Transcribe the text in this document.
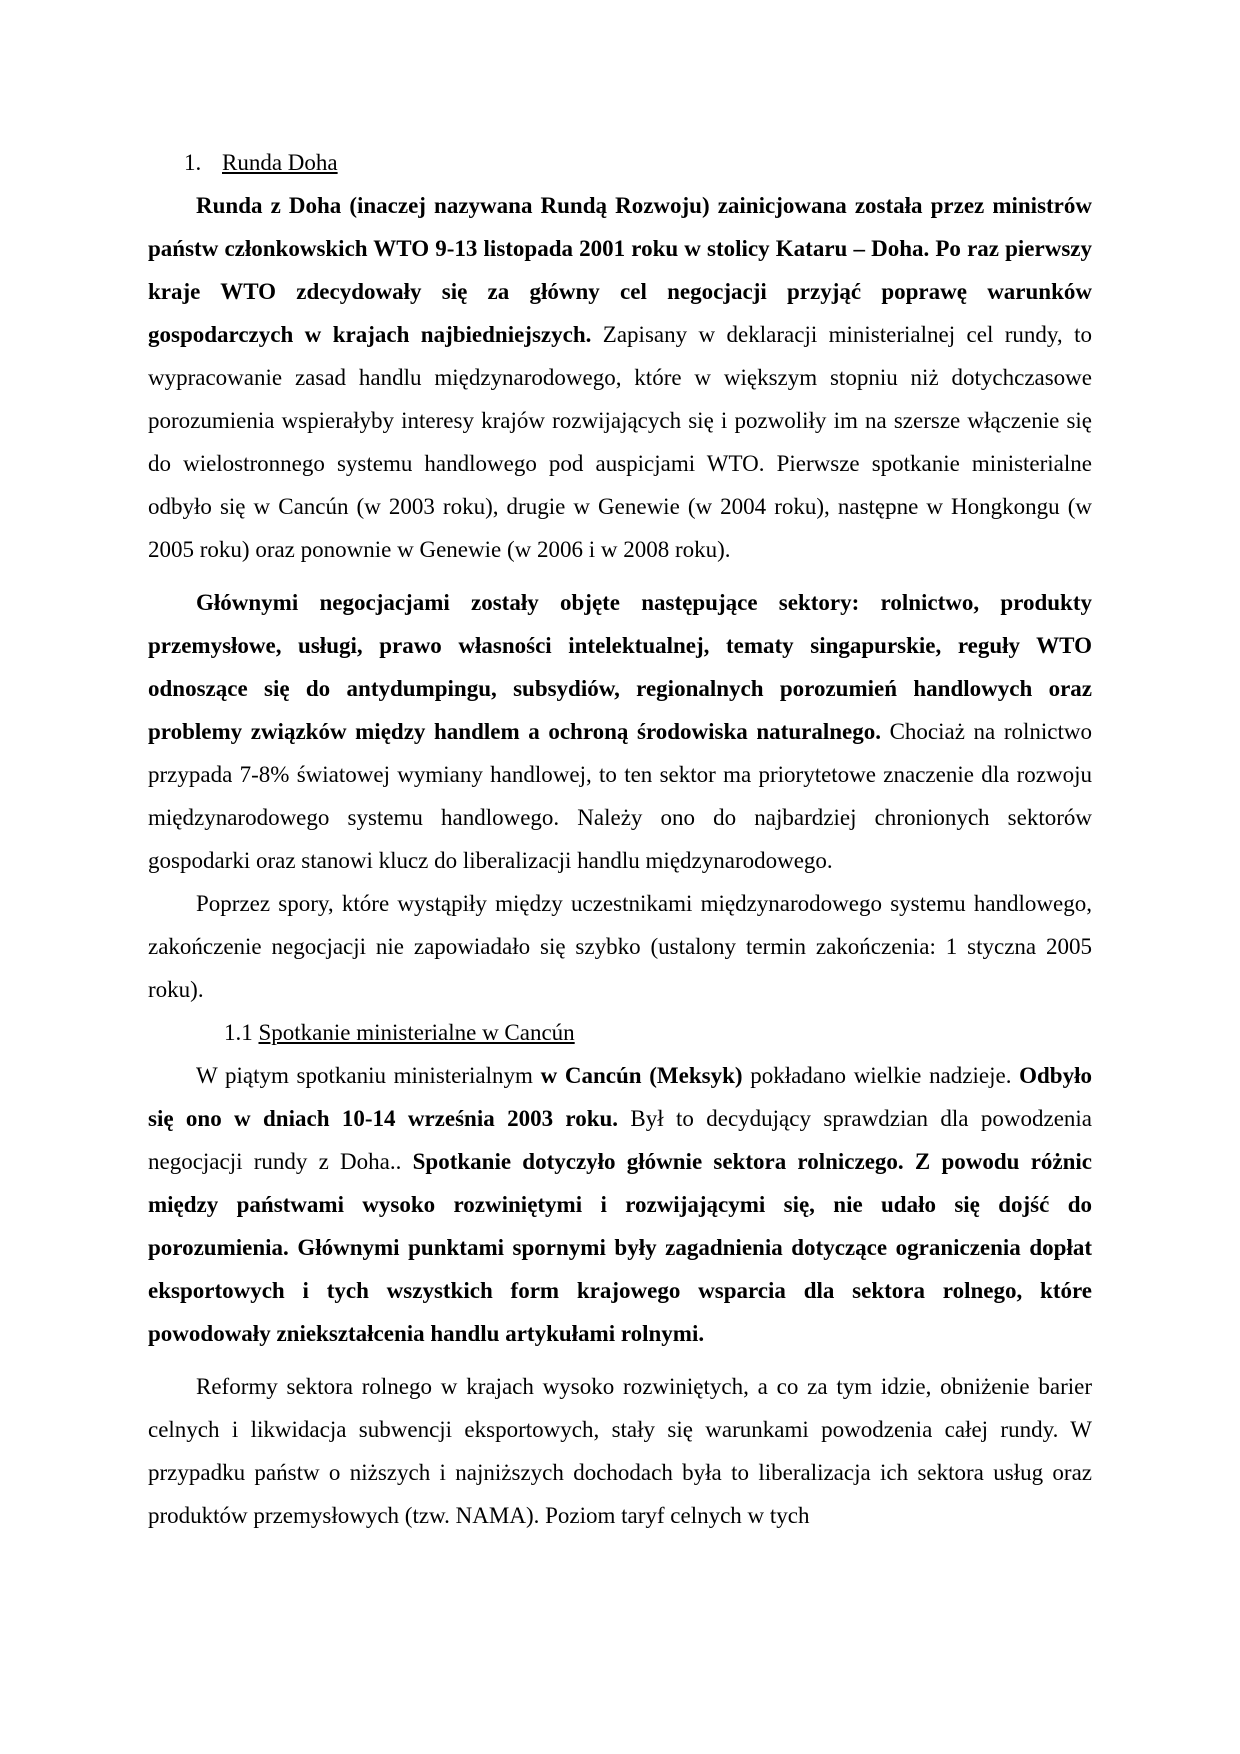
1. Runda Doha

Runda z Doha (inaczej nazywana Rundą Rozwoju) zainicjowana została przez ministrów państw członkowskich WTO 9-13 listopada 2001 roku w stolicy Kataru – Doha. Po raz pierwszy kraje WTO zdecydowały się za główny cel negocjacji przyjąć poprawę warunków gospodarczych w krajach najbiedniejszych. Zapisany w deklaracji ministerialnej cel rundy, to wypracowanie zasad handlu międzynarodowego, które w większym stopniu niż dotychczasowe porozumienia wspierałyby interesy krajów rozwijających się i pozwoliły im na szersze włączenie się do wielostronnego systemu handlowego pod auspicjami WTO. Pierwsze spotkanie ministerialne odbyło się w Cancún (w 2003 roku), drugie w Genewie (w 2004 roku), następne w Hongkongu (w 2005 roku) oraz ponownie w Genewie (w 2006 i w 2008 roku).

Głównymi negocjacjami zostały objęte następujące sektory: rolnictwo, produkty przemysłowe, usługi, prawo własności intelektualnej, tematy singapurskie, reguły WTO odnoszące się do antydumpingu, subsydiów, regionalnych porozumień handlowych oraz problemy związków między handlem a ochroną środowiska naturalnego. Chociaż na rolnictwo przypada 7-8% światowej wymiany handlowej, to ten sektor ma priorytetowe znaczenie dla rozwoju międzynarodowego systemu handlowego. Należy ono do najbardziej chronionych sektorów gospodarki oraz stanowi klucz do liberalizacji handlu międzynarodowego.

Poprzez spory, które wystąpiły między uczestnikami międzynarodowego systemu handlowego, zakończenie negocjacji nie zapowiadało się szybko (ustalony termin zakończenia: 1 styczna 2005 roku).

1.1 Spotkanie ministerialne w Cancún

W piątym spotkaniu ministerialnym w Cancún (Meksyk) pokładano wielkie nadzieje. Odbyło się ono w dniach 10-14 września 2003 roku. Był to decydujący sprawdzian dla powodzenia negocjacji rundy z Doha.. Spotkanie dotyczyło głównie sektora rolniczego. Z powodu różnic między państwami wysoko rozwiniętymi i rozwijającymi się, nie udało się dojść do porozumienia. Głównymi punktami spornymi były zagadnienia dotyczące ograniczenia dopłat eksportowych i tych wszystkich form krajowego wsparcia dla sektora rolnego, które powodowały zniekształcenia handlu artykułami rolnymi.

Reformy sektora rolnego w krajach wysoko rozwiniętych, a co za tym idzie, obniżenie barier celnych i likwidacja subwencji eksportowych, stały się warunkami powodzenia całej rundy. W przypadku państw o niższych i najniższych dochodach była to liberalizacja ich sektora usług oraz produktów przemysłowych (tzw. NAMA). Poziom taryf celnych w tych
